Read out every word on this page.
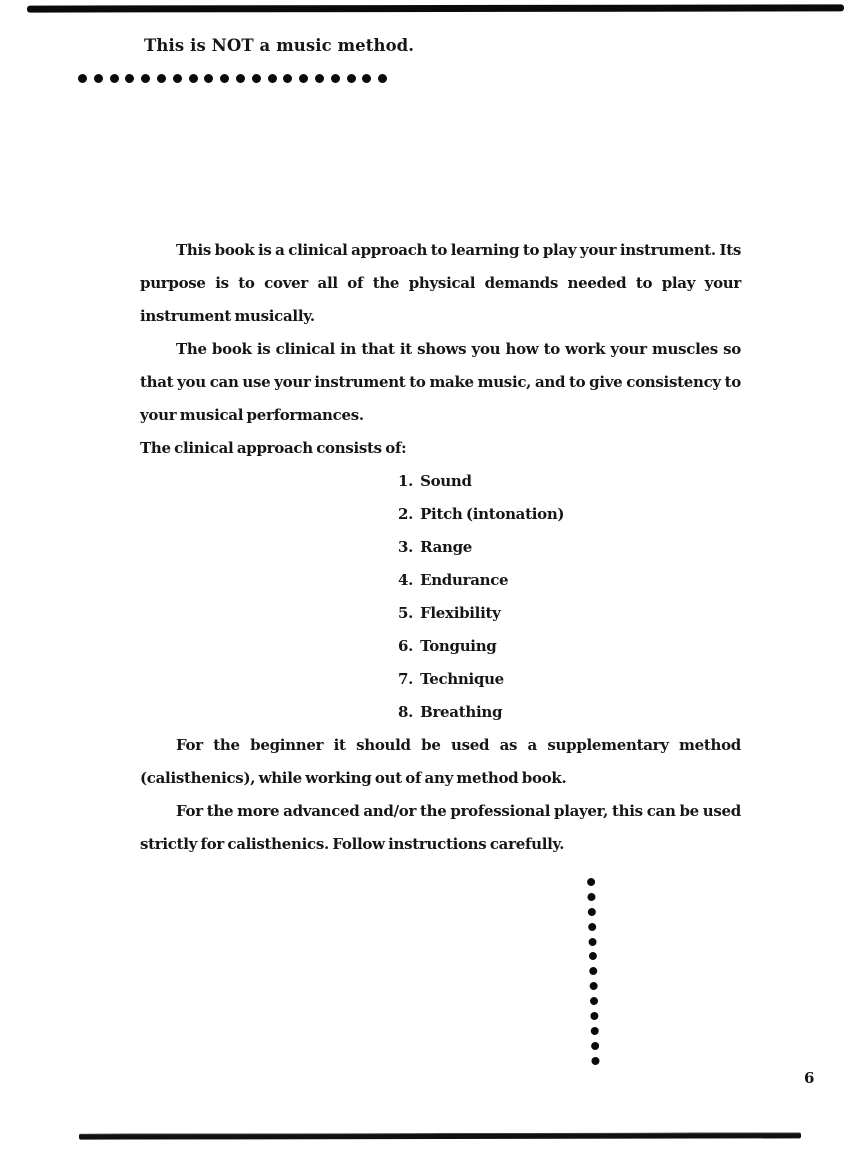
This is NOT a music method.

This book is a clinical approach to learning to play your instrument. Its purpose is to cover all of the physical demands needed to play your instrument musically.

The book is clinical in that it shows you how to work your muscles so that you can use your instrument to make music, and to give consistency to your musical performances.

The clinical approach consists of:

1. Sound
2. Pitch (intonation)
3. Range
4. Endurance
5. Flexibility
6. Tonguing
7. Technique
8. Breathing

For the beginner it should be used as a supplementary method (calisthenics), while working out of any method book.

For the more advanced and/or the professional player, this can be used strictly for calisthenics. Follow instructions carefully.

6
